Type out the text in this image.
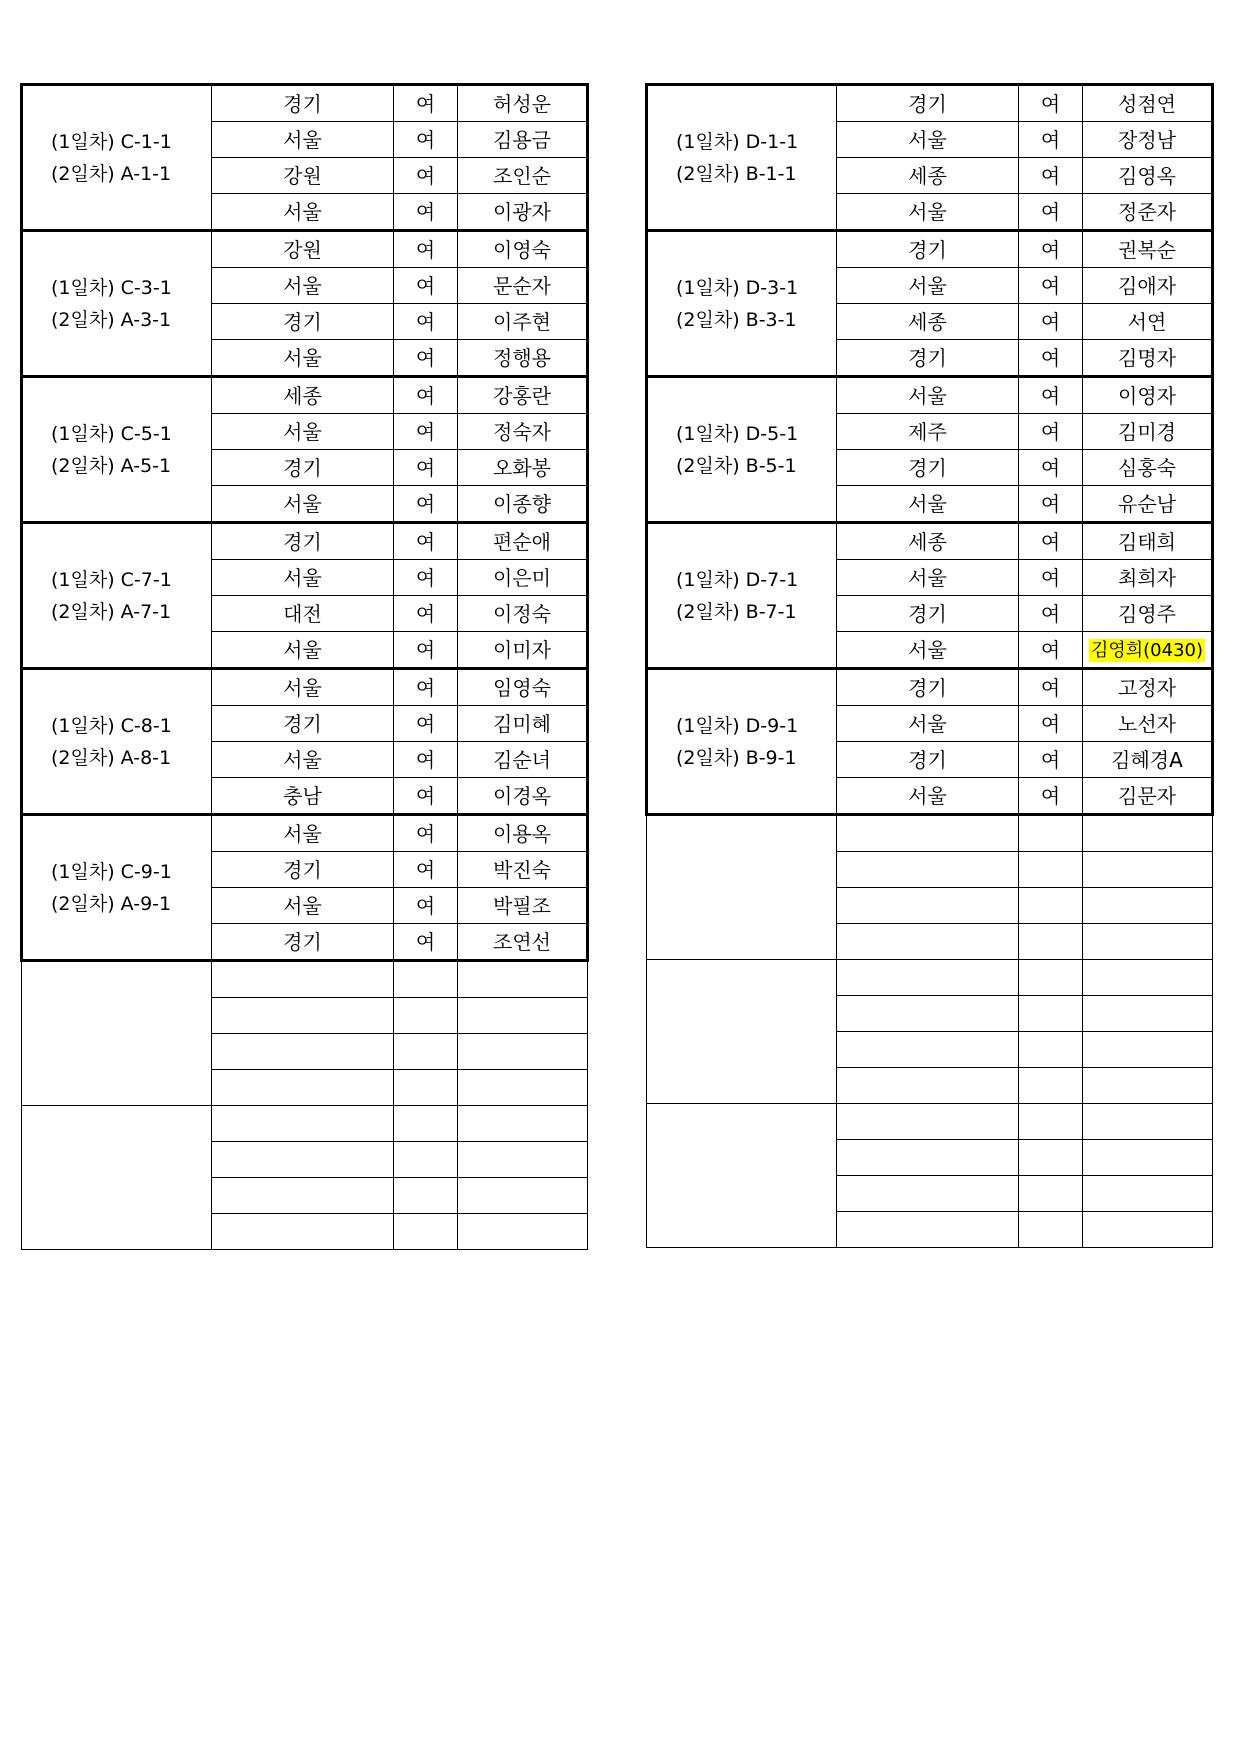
(1일차) C-1-1
(2일차) A-1-1	경기	여	허성운
	서울	여	김용금
	강원	여	조인순
	서울	여	이광자

(1일차) C-3-1
(2일차) A-3-1	강원	여	이영숙
	서울	여	문순자
	경기	여	이주현
	서울	여	정행용

(1일차) C-5-1
(2일차) A-5-1	세종	여	강홍란
	서울	여	정숙자
	경기	여	오화봉
	서울	여	이종향

(1일차) C-7-1
(2일차) A-7-1	경기	여	편순애
	서울	여	이은미
	대전	여	이정숙
	서울	여	이미자

(1일차) C-8-1
(2일차) A-8-1	서울	여	임영숙
	경기	여	김미혜
	서울	여	김순녀
	충남	여	이경옥

(1일차) C-9-1
(2일차) A-9-1	서울	여	이용옥
	경기	여	박진숙
	서울	여	박필조
	경기	여	조연선

(1일차) D-1-1
(2일차) B-1-1	경기	여	성점연
	서울	여	장정남
	세종	여	김영옥
	서울	여	정준자

(1일차) D-3-1
(2일차) B-3-1	경기	여	권복순
	서울	여	김애자
	세종	여	서연
	경기	여	김명자

(1일차) D-5-1
(2일차) B-5-1	서울	여	이영자
	제주	여	김미경
	경기	여	심홍숙
	서울	여	유순남

(1일차) D-7-1
(2일차) B-7-1	세종	여	김태희
	서울	여	최희자
	경기	여	김영주
	서울	여	김영희(0430)

(1일차) D-9-1
(2일차) B-9-1	경기	여	고정자
	서울	여	노선자
	경기	여	김혜경A
	서울	여	김문자
